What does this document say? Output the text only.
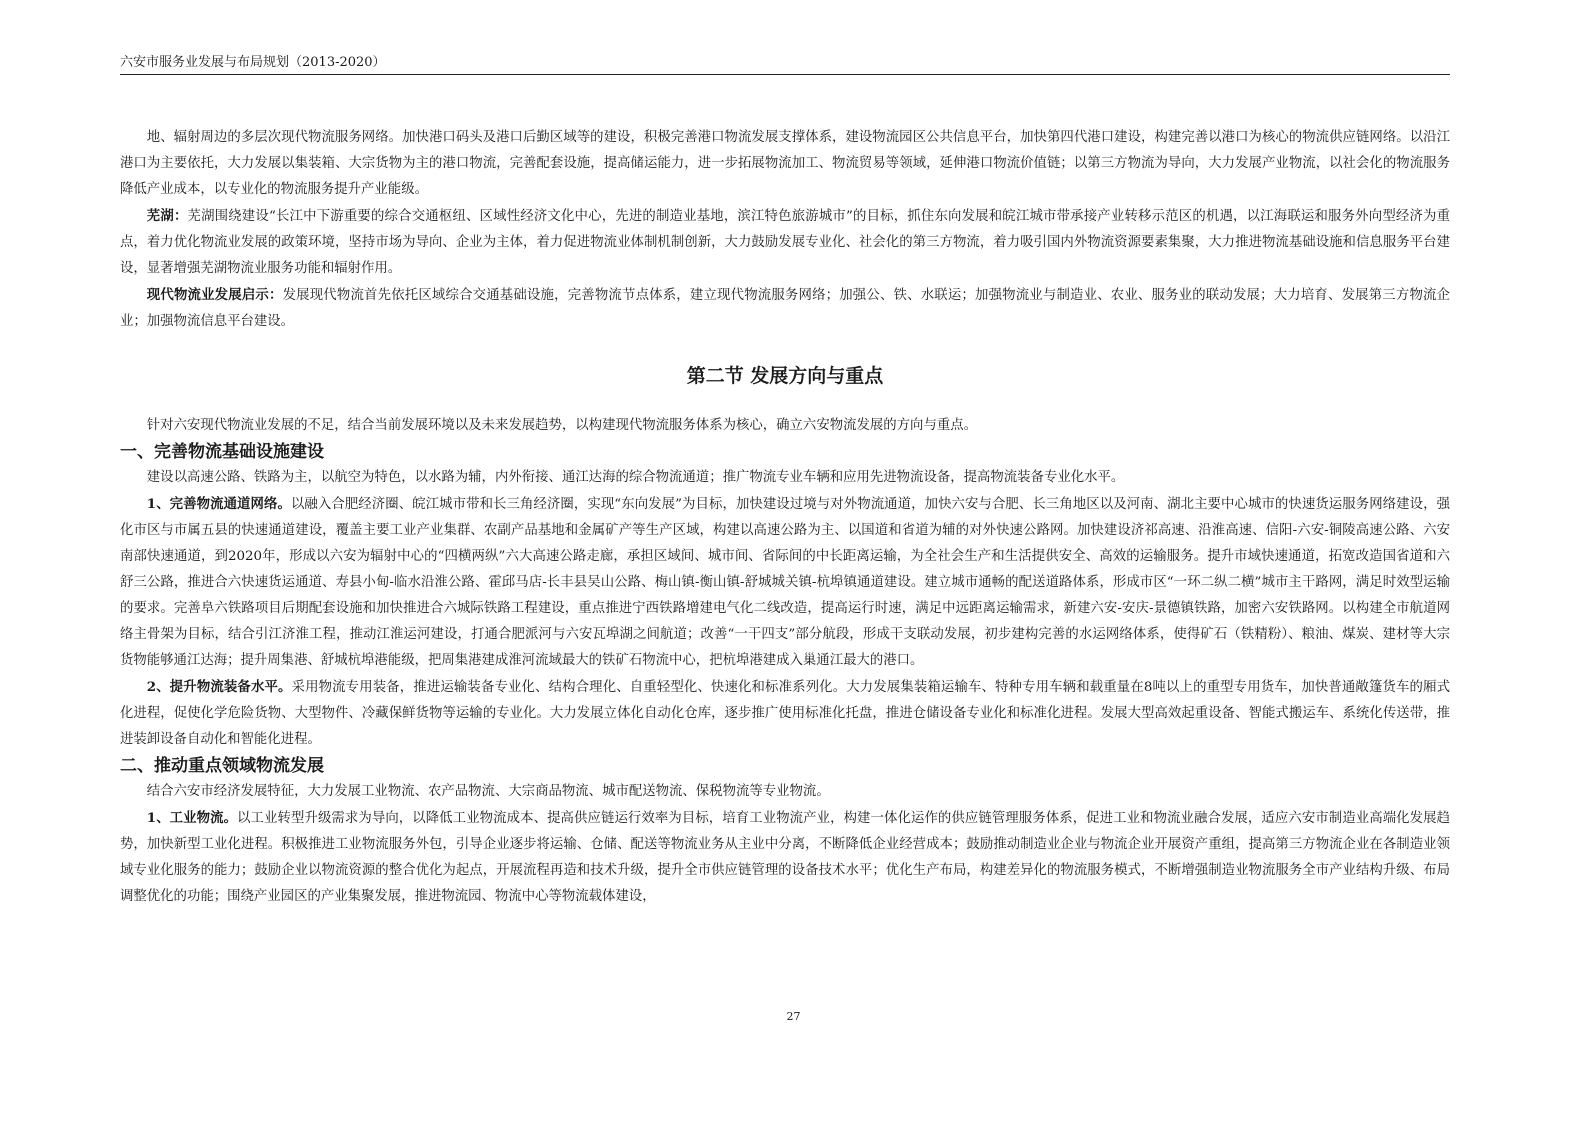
六安市服务业发展与布局规划（2013-2020）

地、辐射周边的多层次现代物流服务网络。加快港口码头及港口后勤区域等的建设，积极完善港口物流发展支撑体系，建设物流园区公共信息平台，加快第四代港口建设，构建完善以港口为核心的物流供应链网络。以沿江港口为主要依托，大力发展以集装箱、大宗货物为主的港口物流，完善配套设施，提高储运能力，进一步拓展物流加工、物流贸易等领域，延伸港口物流价值链；以第三方物流为导向，大力发展产业物流，以社会化的物流服务降低产业成本，以专业化的物流服务提升产业能级。

芜湖：芜湖围绕建设“长江中下游重要的综合交通枢纽、区域性经济文化中心，先进的制造业基地，滨江特色旅游城市”的目标，抓住东向发展和皖江城市带承接产业转移示范区的机遇，以江海联运和服务外向型经济为重点，着力优化物流业发展的政策环境，坚持市场为导向、企业为主体，着力促进物流业体制机制创新，大力鼓励发展专业化、社会化的第三方物流，着力吸引国内外物流资源要素集聚，大力推进物流基础设施和信息服务平台建设，显著增强芜湖物流业服务功能和辐射作用。

现代物流业发展启示：发展现代物流首先依托区域综合交通基础设施，完善物流节点体系，建立现代物流服务网络；加强公、铁、水联运；加强物流业与制造业、农业、服务业的联动发展；大力培育、发展第三方物流企业；加强物流信息平台建设。

第二节 发展方向与重点

针对六安现代物流业发展的不足，结合当前发展环境以及未来发展趋势，以构建现代物流服务体系为核心，确立六安物流发展的方向与重点。

一、完善物流基础设施建设

建设以高速公路、铁路为主，以航空为特色，以水路为辅，内外衔接、通江达海的综合物流通道；推广物流专业车辆和应用先进物流设备，提高物流装备专业化水平。

1、完善物流通道网络。以融入合肥经济圈、皖江城市带和长三角经济圈，实现“东向发展”为目标，加快建设过境与对外物流通道，加快六安与合肥、长三角地区以及河南、湖北主要中心城市的快速货运服务网络建设，强化市区与市属五县的快速通道建设，覆盖主要工业产业集群、农副产品基地和金属矿产等生产区域，构建以高速公路为主、以国道和省道为辅的对外快速公路网。加快建设济祁高速、沿淮高速、信阳-六安-铜陵高速公路、六安南部快速通道，到2020年，形成以六安为辐射中心的“四横两纵”六大高速公路走廊，承担区域间、城市间、省际间的中长距离运输，为全社会生产和生活提供安全、高效的运输服务。提升市域快速通道，拓宽改造国省道和六舒三公路，推进合六快速货运通道、寿县小甸-临水沿淮公路、霍邱马店-长丰县吴山公路、梅山镇-衡山镇-舒城城关镇-杭埠镇通道建设。建立城市通畅的配送道路体系，形成市区“一环二纵二横”城市主干路网，满足时效型运输的要求。完善阜六铁路项目后期配套设施和加快推进合六城际铁路工程建设，重点推进宁西铁路增建电气化二线改造，提高运行时速，满足中远距离运输需求，新建六安-安庆-景德镇铁路，加密六安铁路网。以构建全市航道网络主骨架为目标，结合引江济淮工程，推动江淮运河建设，打通合肥派河与六安瓦埠湖之间航道；改善“一干四支”部分航段，形成干支联动发展，初步建构完善的水运网络体系，使得矿石（铁精粉）、粮油、煤炭、建材等大宗货物能够通江达海；提升周集港、舒城杭埠港能级，把周集港建成淮河流域最大的铁矿石物流中心，把杭埠港建成入巢通江最大的港口。

2、提升物流装备水平。采用物流专用装备，推进运输装备专业化、结构合理化、自重轻型化、快速化和标准系列化。大力发展集装箱运输车、特种专用车辆和载重量在8吨以上的重型专用货车，加快普通敞篷货车的厢式化进程，促使化学危险货物、大型物件、冷藏保鲜货物等运输的专业化。大力发展立体化自动化仓库，逐步推广使用标准化托盘，推进仓储设备专业化和标准化进程。发展大型高效起重设备、智能式搬运车、系统化传送带，推进装卸设备自动化和智能化进程。

二、推动重点领域物流发展

结合六安市经济发展特征，大力发展工业物流、农产品物流、大宗商品物流、城市配送物流、保税物流等专业物流。

1、工业物流。以工业转型升级需求为导向，以降低工业物流成本、提高供应链运行效率为目标，培育工业物流产业，构建一体化运作的供应链管理服务体系，促进工业和物流业融合发展，适应六安市制造业高端化发展趋势，加快新型工业化进程。积极推进工业物流服务外包，引导企业逐步将运输、仓储、配送等物流业务从主业中分离，不断降低企业经营成本；鼓励推动制造业企业与物流企业开展资产重组，提高第三方物流企业在各制造业领域专业化服务的能力；鼓励企业以物流资源的整合优化为起点，开展流程再造和技术升级，提升全市供应链管理的设备技术水平；优化生产布局，构建差异化的物流服务模式，不断增强制造业物流服务全市产业结构升级、布局调整优化的功能；围绕产业园区的产业集聚发展，推进物流园、物流中心等物流载体建设，

27
